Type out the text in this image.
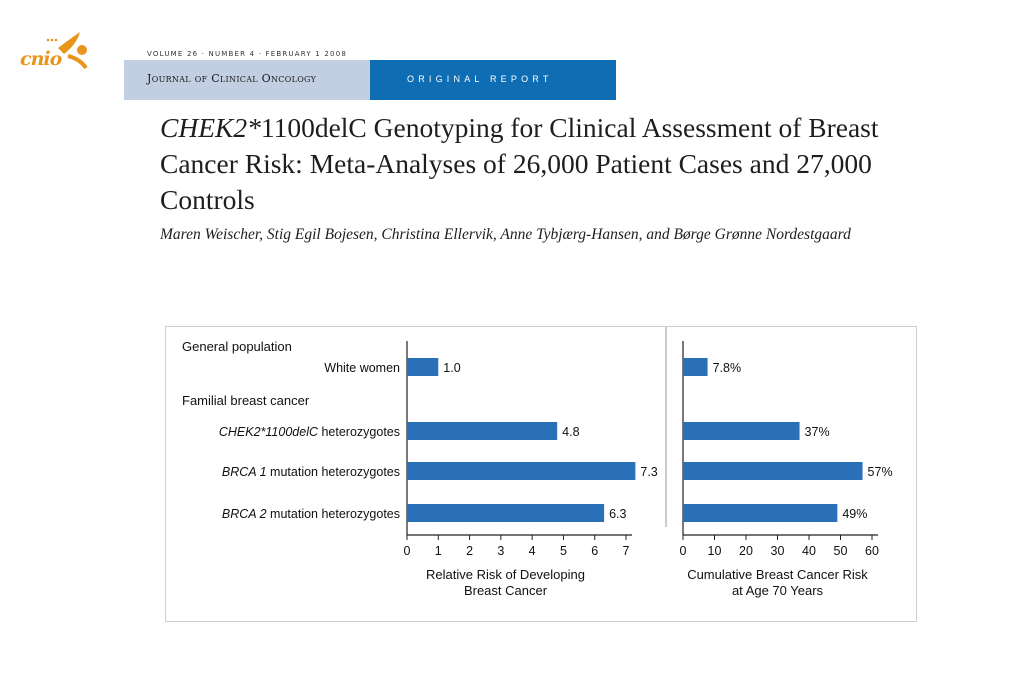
cnio	VOLUME 26 · NUMBER 4 · FEBRUARY 1 2008
Journal of Clinical Oncology	ORIGINAL REPORT
CHEK2*1100delC Genotyping for Clinical Assessment of Breast Cancer Risk: Meta-Analyses of 26,000 Patient Cases and 27,000 Controls
Maren Weischer, Stig Egil Bojesen, Christina Ellervik, Anne Tybjærg-Hansen, and Børge Grønne Nordestgaard
General population
Familial breast cancer
White women
CHEK2*1100delC heterozygotes
BRCA 1 mutation heterozygotes
BRCA 2 mutation heterozygotes
1.0
4.8
7.3
6.3
0 1 2 3 4 5 6 7
Relative Risk of Developing
Breast Cancer
7.8%
37%
57%
49%
0 10 20 30 40 50 60
Cumulative Breast Cancer Risk
at Age 70 Years
